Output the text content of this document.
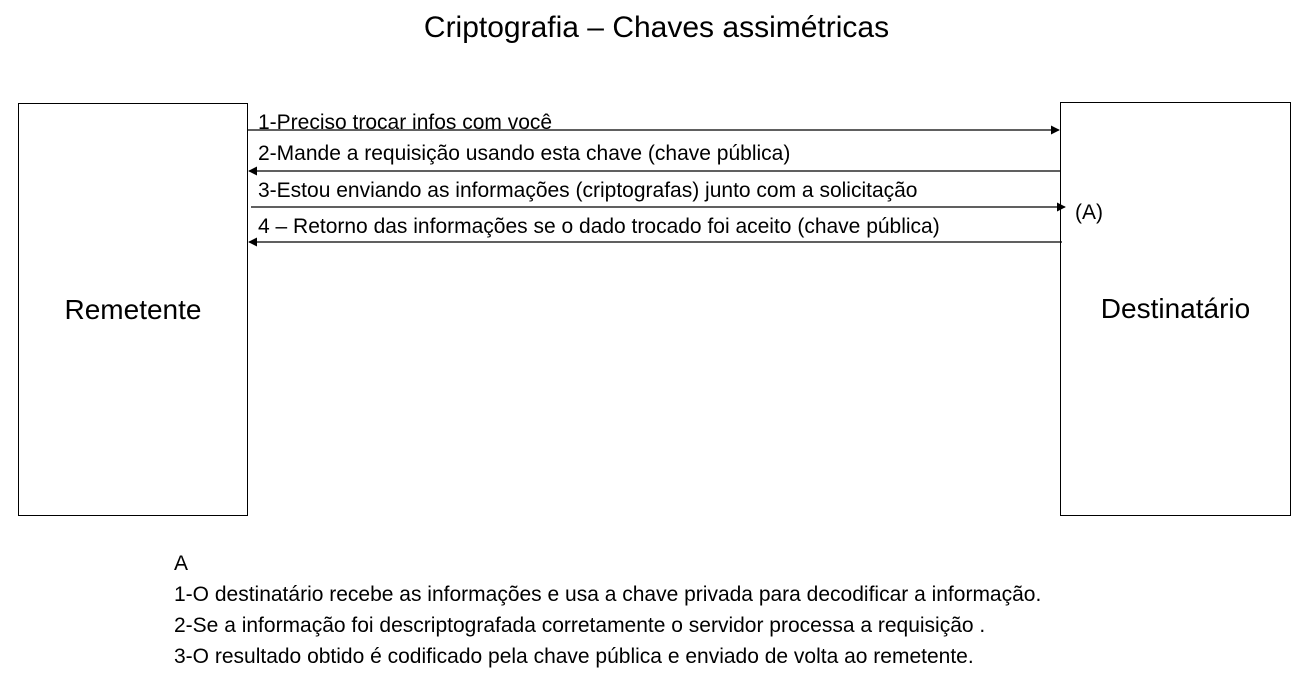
Criptografia – Chaves assimétricas
Remetente	Destinatário
1-Preciso trocar infos com você
2-Mande a requisição usando esta chave (chave pública)
3-Estou enviando as informações (criptografas) junto com a solicitação
4 – Retorno das informações se o dado trocado foi aceito (chave pública)
(A)
A
1-O destinatário recebe as informações e usa a chave privada para decodificar a informação.
2-Se a informação foi descriptografada corretamente o servidor processa a requisição .
3-O resultado obtido é codificado pela chave pública e enviado de volta ao remetente.
